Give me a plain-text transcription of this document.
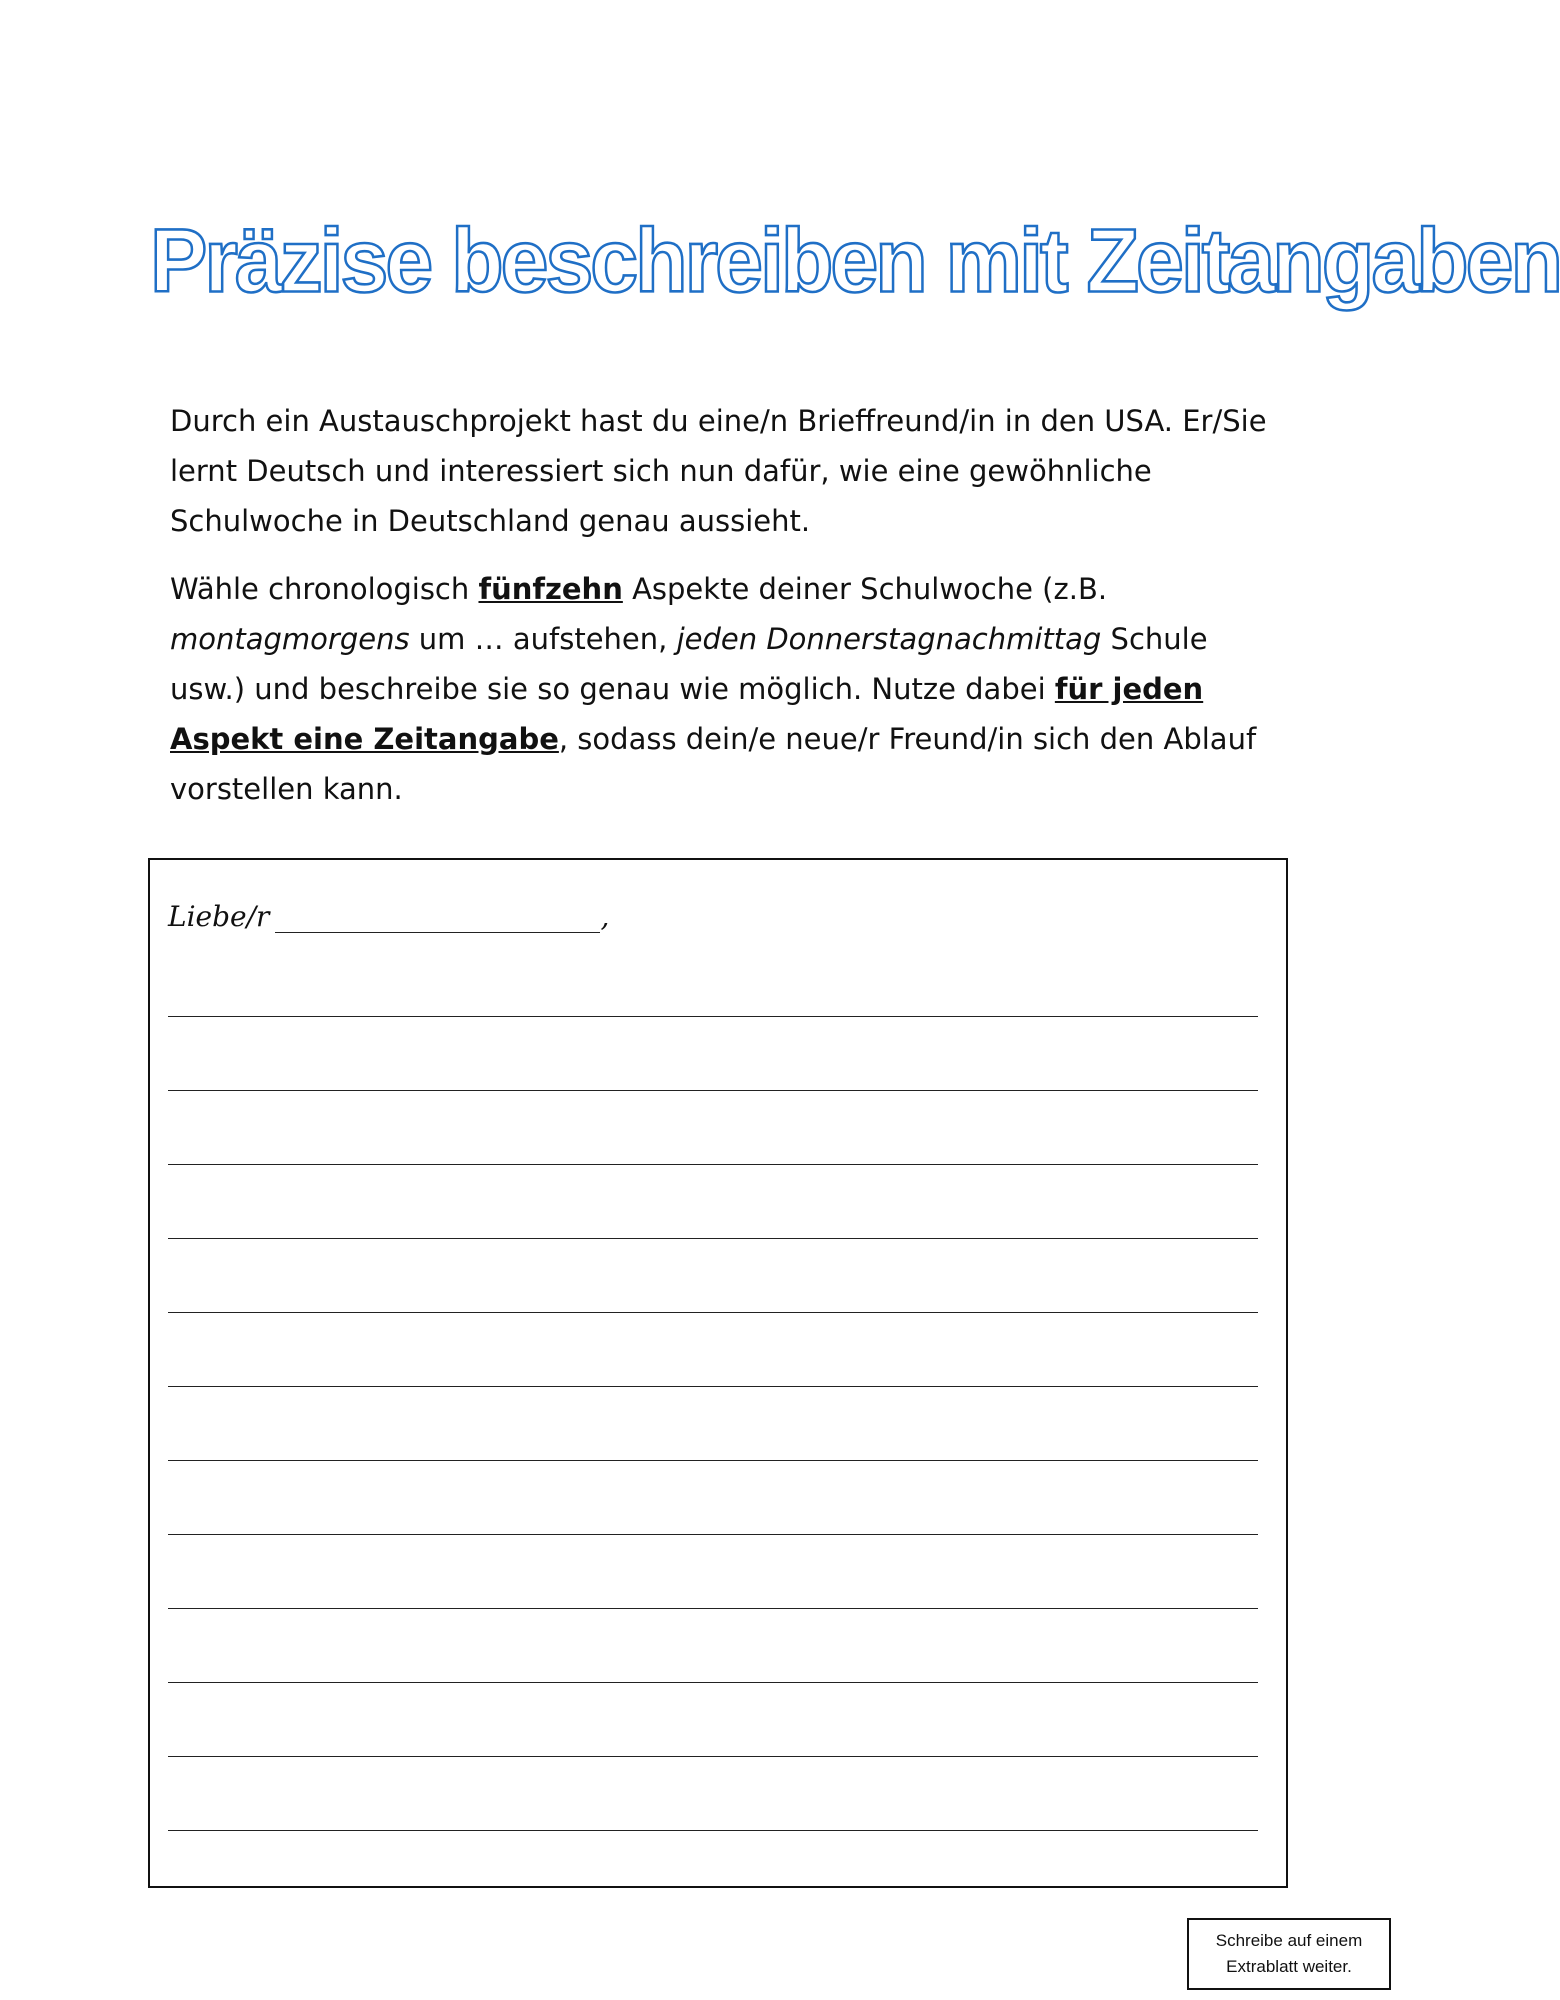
Präzise beschreiben mit Zeitangaben

Durch ein Austauschprojekt hast du eine/n Brieffreund/in in den USA. Er/Sie lernt Deutsch und interessiert sich nun dafür, wie eine gewöhnliche Schulwoche in Deutschland genau aussieht.

Wähle chronologisch fünfzehn Aspekte deiner Schulwoche (z.B. montagmorgens um … aufstehen, jeden Donnerstagnachmittag Schule usw.) und beschreibe sie so genau wie möglich. Nutze dabei für jeden Aspekt eine Zeitangabe, sodass dein/e neue/r Freund/in sich den Ablauf vorstellen kann.

Liebe/r	,
Schreibe auf einem
Extrablatt weiter.
